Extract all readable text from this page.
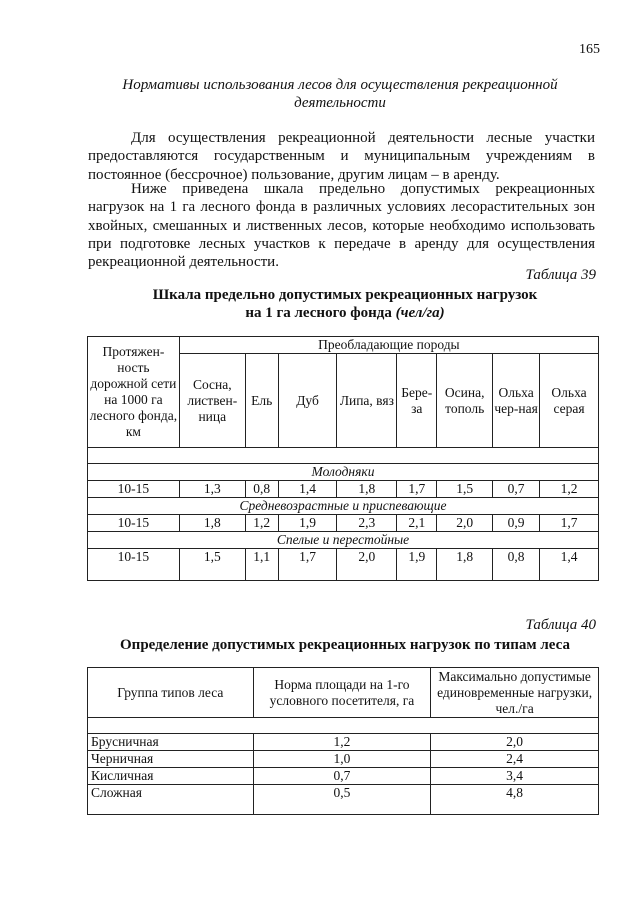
165
Нормативы использования лесов для осуществления рекреационной
деятельности
Для осуществления рекреационной деятельности лесные участки предоставляются государственным и муниципальным учреждениям в постоянное (бессрочное) пользование, другим лицам – в аренду.
Ниже приведена шкала предельно допустимых рекреационных нагрузок на 1 га лесного фонда в различных условиях лесорастительных зон хвойных, смешанных и лиственных лесов, которые необходимо использовать при подготовке лесных участков к передаче в аренду для осуществления рекреационной деятельности.
Таблица 39
Шкала предельно допустимых рекреационных нагрузок
на 1 га лесного фонда (чел/га)
Протяжен-ность дорожной сети на 1000 га лесного фонда, км	Преобладающие породы							
	Сосна, листвен-ница	Ель	Дуб	Липа, вяз	Бере-за	Осина, тополь	Ольха чер-ная	Ольха серая

Молодняки								
10-15	1,3	0,8	1,4	1,8	1,7	1,5	0,7	1,2
Средневозрастные и приспевающие								
10-15	1,8	1,2	1,9	2,3	2,1	2,0	0,9	1,7
Спелые и перестойные								
10-15	1,5	1,1	1,7	2,0	1,9	1,8	0,8	1,4
Таблица 40
Определение допустимых рекреационных нагрузок по типам леса
Группа типов леса	Норма площади на 1-го условного посетителя, га	Максимально допустимые единовременные нагрузки, чел./га

Брусничная	1,2	2,0
Черничная	1,0	2,4
Кисличная	0,7	3,4
Сложная	0,5	4,8
